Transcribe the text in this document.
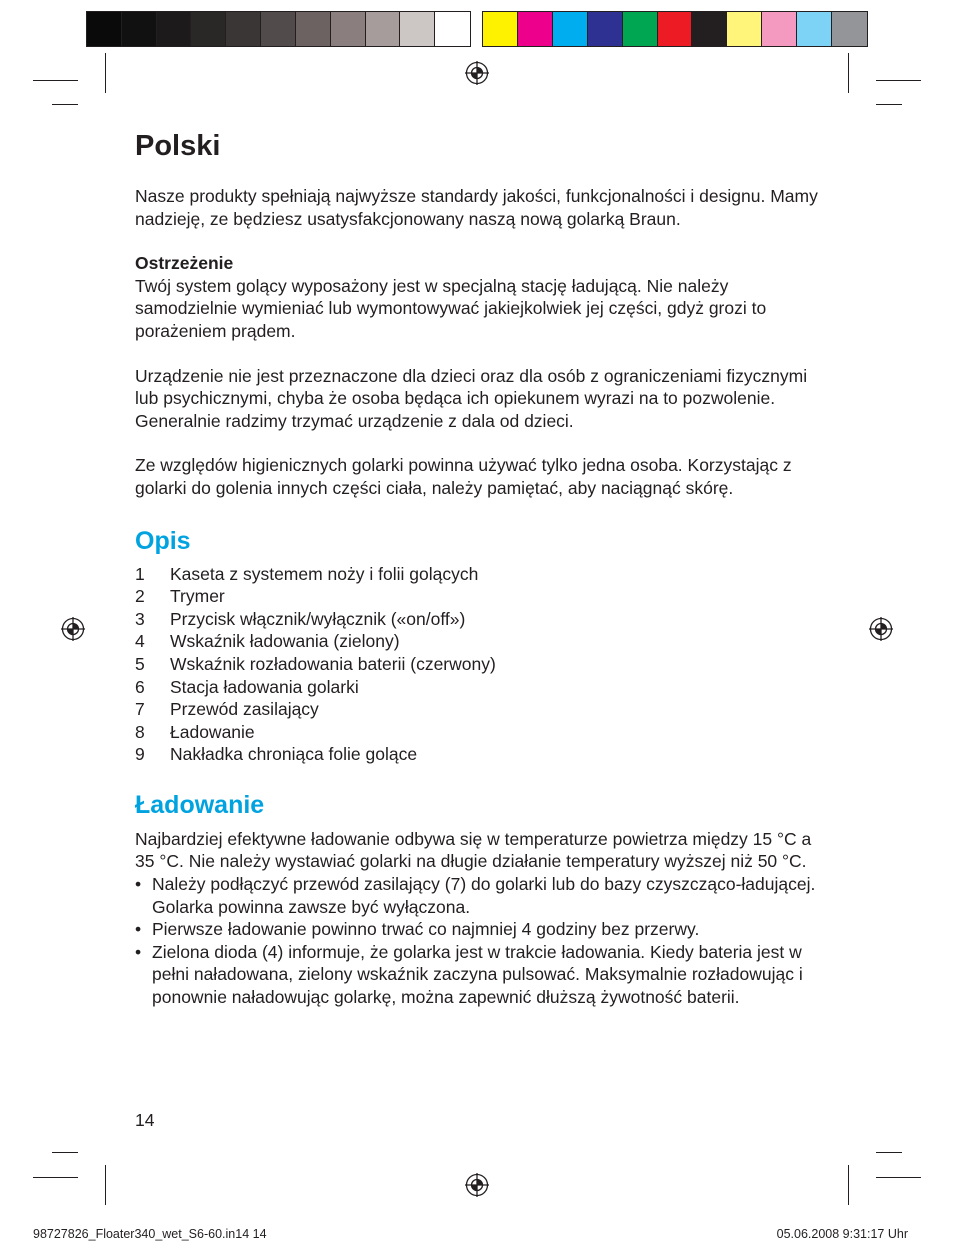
Polski

Nasze produkty spełniają najwyższe standardy jakości, funkcjonalności i designu. Mamy nadzieję, ze będziesz usatysfakcjonowany naszą nową golarką Braun.

Ostrzeżenie

Twój system golący wyposażony jest w specjalną stację ładującą. Nie należy samodzielnie wymieniać lub wymontowywać jakiejkolwiek jej części, gdyż grozi to porażeniem prądem.

Urządzenie nie jest przeznaczone dla dzieci oraz dla osób z ograniczeniami fizycznymi lub psychicznymi, chyba że osoba będąca ich opiekunem wyrazi na to pozwolenie. Generalnie radzimy trzymać urządzenie z dala od dzieci.

Ze względów higienicznych golarki powinna używać tylko jedna osoba. Korzystając z golarki do golenia innych części ciała, należy pamiętać, aby naciągnąć skórę.

Opis
1	Kaseta z systemem noży i folii golących
2	Trymer
3	Przycisk włącznik/wyłącznik («on/off»)
4	Wskaźnik ładowania (zielony)
5	Wskaźnik rozładowania baterii (czerwony)
6	Stacja ładowania golarki
7	Przewód zasilający
8	Ładowanie
9	Nakładka chroniąca folie golące
Ładowanie

Najbardziej efektywne ładowanie odbywa się w temperaturze powietrza między 15 °C a 35 °C. Nie należy wystawiać golarki na długie działanie temperatury wyższej niż 50 °C.

• Należy podłączyć przewód zasilający (7) do golarki lub do bazy czyszcząco-ładującej. Golarka powinna zawsze być wyłączona.
• Pierwsze ładowanie powinno trwać co najmniej 4 godziny bez przerwy.
• Zielona dioda (4) informuje, że golarka jest w trakcie ładowania. Kiedy bateria jest w pełni naładowana, zielony wskaźnik zaczyna pulsować. Maksymalnie rozładowując i ponownie naładowując golarkę, można zapewnić dłuższą żywotność baterii.
14
98727826_Floater340_wet_S6-60.in14 14	05.06.2008 9:31:17 Uhr
